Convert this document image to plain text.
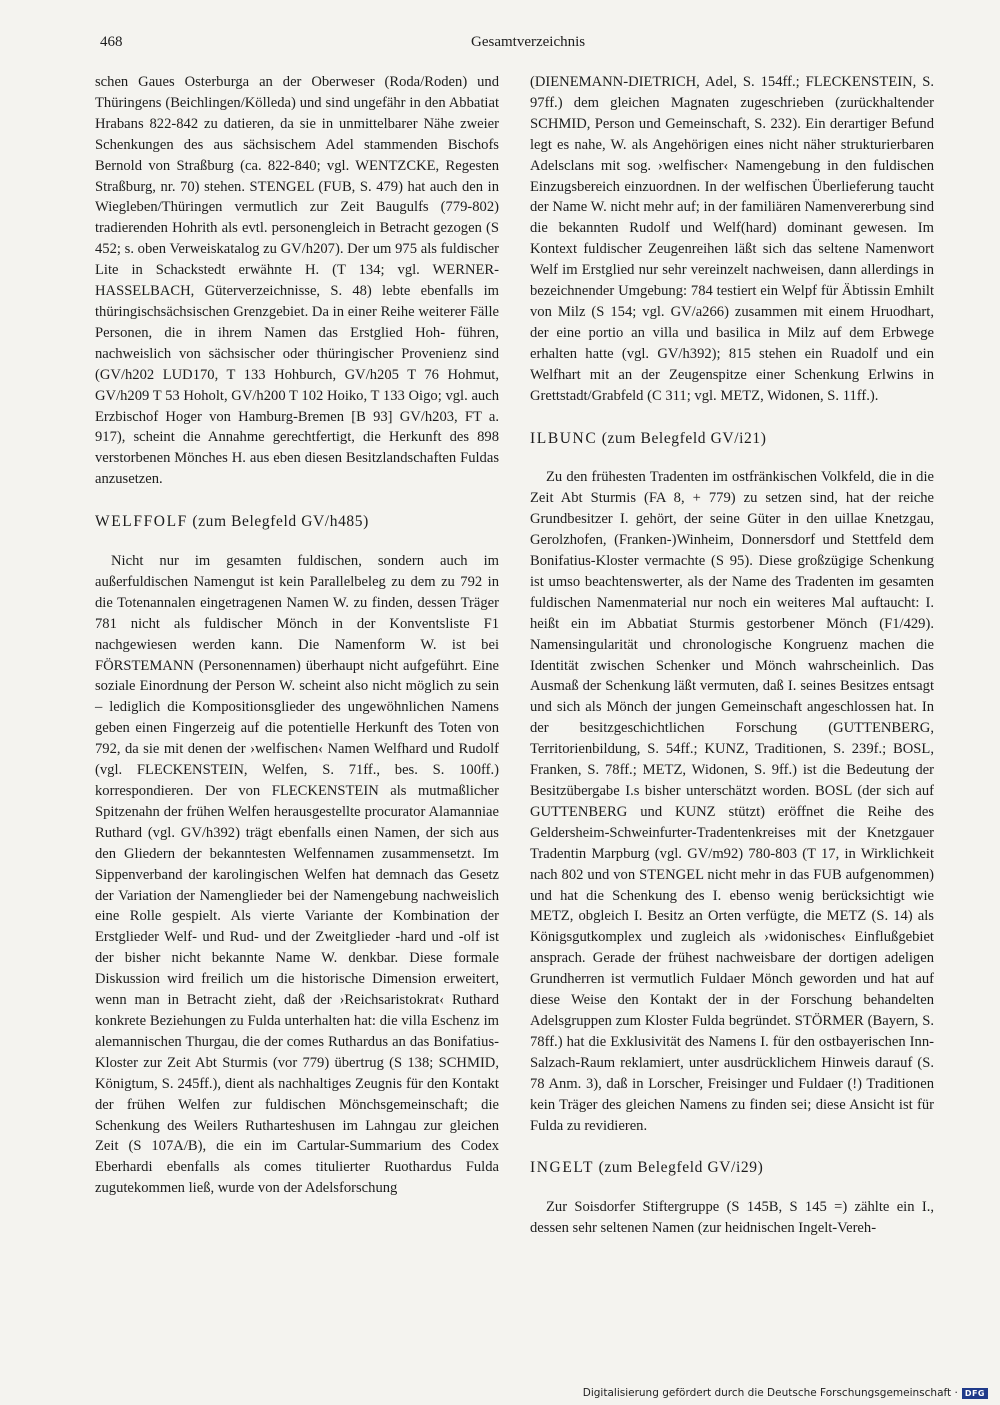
468	Gesamtverzeichnis

schen Gaues Osterburga an der Oberweser (Roda/Roden) und Thüringens (Beichlingen/Kölleda) und sind ungefähr in den Abbatiat Hrabans 822-842 zu datieren, da sie in unmittelbarer Nähe zweier Schenkungen des aus sächsischem Adel stammenden Bischofs Bernold von Straßburg (ca. 822-840; vgl. WENTZCKE, Regesten Straßburg, nr. 70) stehen. STENGEL (FUB, S. 479) hat auch den in Wiegleben/Thüringen vermutlich zur Zeit Baugulfs (779-802) tradierenden Hohrith als evtl. personengleich in Betracht gezogen (S 452; s. oben Verweiskatalog zu GV/h207). Der um 975 als fuldischer Lite in Schackstedt erwähnte H. (T 134; vgl. WERNER-HASSELBACH, Güterverzeichnisse, S. 48) lebte ebenfalls im thüringischsächsischen Grenzgebiet. Da in einer Reihe weiterer Fälle Personen, die in ihrem Namen das Erstglied Hoh- führen, nachweislich von sächsischer oder thüringischer Provenienz sind (GV/h202 LUD170, T 133 Hohburch, GV/h205 T 76 Hohmut, GV/h209 T 53 Hoholt, GV/h200 T 102 Hoiko, T 133 Oigo; vgl. auch Erzbischof Hoger von Hamburg-Bremen [B 93] GV/h203, FT a. 917), scheint die Annahme gerechtfertigt, die Herkunft des 898 verstorbenen Mönches H. aus eben diesen Besitzlandschaften Fuldas anzusetzen.

WELFFOLF (zum Belegfeld GV/h485)

Nicht nur im gesamten fuldischen, sondern auch im außerfuldischen Namengut ist kein Parallelbeleg zu dem zu 792 in die Totenannalen eingetragenen Namen W. zu finden, dessen Träger 781 nicht als fuldischer Mönch in der Konventsliste F1 nachgewiesen werden kann. Die Namenform W. ist bei FÖRSTEMANN (Personennamen) überhaupt nicht aufgeführt. Eine soziale Einordnung der Person W. scheint also nicht möglich zu sein – lediglich die Kompositionsglieder des ungewöhnlichen Namens geben einen Fingerzeig auf die potentielle Herkunft des Toten von 792, da sie mit denen der ›welfischen‹ Namen Welfhard und Rudolf (vgl. FLECKENSTEIN, Welfen, S. 71ff., bes. S. 100ff.) korrespondieren. Der von FLECKENSTEIN als mutmaßlicher Spitzenahn der frühen Welfen herausgestellte procurator Alamanniae Ruthard (vgl. GV/h392) trägt ebenfalls einen Namen, der sich aus den Gliedern der bekanntesten Welfennamen zusammensetzt. Im Sippenverband der karolingischen Welfen hat demnach das Gesetz der Variation der Namenglieder bei der Namengebung nachweislich eine Rolle gespielt. Als vierte Variante der Kombination der Erstglieder Welf- und Rud- und der Zweitglieder -hard und -olf ist der bisher nicht bekannte Name W. denkbar. Diese formale Diskussion wird freilich um die historische Dimension erweitert, wenn man in Betracht zieht, daß der ›Reichsaristokrat‹ Ruthard konkrete Beziehungen zu Fulda unterhalten hat: die villa Eschenz im alemannischen Thurgau, die der comes Ruthardus an das Bonifatius-Kloster zur Zeit Abt Sturmis (vor 779) übertrug (S 138; SCHMID, Königtum, S. 245ff.), dient als nachhaltiges Zeugnis für den Kontakt der frühen Welfen zur fuldischen Mönchsgemeinschaft; die Schenkung des Weilers Rutharteshusen im Lahngau zur gleichen Zeit (S 107A/B), die ein im Cartular-Summarium des Codex Eberhardi ebenfalls als comes titulierter Ruothardus Fulda zugutekommen ließ, wurde von der Adelsforschung

(DIENEMANN-DIETRICH, Adel, S. 154ff.; FLECKENSTEIN, S. 97ff.) dem gleichen Magnaten zugeschrieben (zurückhaltender SCHMID, Person und Gemeinschaft, S. 232). Ein derartiger Befund legt es nahe, W. als Angehörigen eines nicht näher strukturierbaren Adelsclans mit sog. ›welfischer‹ Namengebung in den fuldischen Einzugsbereich einzuordnen. In der welfischen Überlieferung taucht der Name W. nicht mehr auf; in der familiären Namenvererbung sind die bekannten Rudolf und Welf(hard) dominant gewesen. Im Kontext fuldischer Zeugenreihen läßt sich das seltene Namenwort Welf im Erstglied nur sehr vereinzelt nachweisen, dann allerdings in bezeichnender Umgebung: 784 testiert ein Welpf für Äbtissin Emhilt von Milz (S 154; vgl. GV/a266) zusammen mit einem Hruodhart, der eine portio an villa und basilica in Milz auf dem Erbwege erhalten hatte (vgl. GV/h392); 815 stehen ein Ruadolf und ein Welfhart mit an der Zeugenspitze einer Schenkung Erlwins in Grettstadt/Grabfeld (C 311; vgl. METZ, Widonen, S. 11ff.).

ILBUNC (zum Belegfeld GV/i21)

Zu den frühesten Tradenten im ostfränkischen Volkfeld, die in die Zeit Abt Sturmis (FA 8, + 779) zu setzen sind, hat der reiche Grundbesitzer I. gehört, der seine Güter in den uillae Knetzgau, Gerolzhofen, (Franken-)Winheim, Donnersdorf und Stettfeld dem Bonifatius-Kloster vermachte (S 95). Diese großzügige Schenkung ist umso beachtenswerter, als der Name des Tradenten im gesamten fuldischen Namenmaterial nur noch ein weiteres Mal auftaucht: I. heißt ein im Abbatiat Sturmis gestorbener Mönch (F1/429). Namensingularität und chronologische Kongruenz machen die Identität zwischen Schenker und Mönch wahrscheinlich. Das Ausmaß der Schenkung läßt vermuten, daß I. seines Besitzes entsagt und sich als Mönch der jungen Gemeinschaft angeschlossen hat. In der besitzgeschichtlichen Forschung (GUTTENBERG, Territorienbildung, S. 54ff.; KUNZ, Traditionen, S. 239f.; BOSL, Franken, S. 78ff.; METZ, Widonen, S. 9ff.) ist die Bedeutung der Besitzübergabe I.s bisher unterschätzt worden. BOSL (der sich auf GUTTENBERG und KUNZ stützt) eröffnet die Reihe des Geldersheim-Schweinfurter-Tradentenkreises mit der Knetzgauer Tradentin Marpburg (vgl. GV/m92) 780-803 (T 17, in Wirklichkeit nach 802 und von STENGEL nicht mehr in das FUB aufgenommen) und hat die Schenkung des I. ebenso wenig berücksichtigt wie METZ, obgleich I. Besitz an Orten verfügte, die METZ (S. 14) als Königsgutkomplex und zugleich als ›widonisches‹ Einflußgebiet ansprach. Gerade der frühest nachweisbare der dortigen adeligen Grundherren ist vermutlich Fuldaer Mönch geworden und hat auf diese Weise den Kontakt der in der Forschung behandelten Adelsgruppen zum Kloster Fulda begründet. STÖRMER (Bayern, S. 78ff.) hat die Exklusivität des Namens I. für den ostbayerischen Inn-Salzach-Raum reklamiert, unter ausdrücklichem Hinweis darauf (S. 78 Anm. 3), daß in Lorscher, Freisinger und Fuldaer (!) Traditionen kein Träger des gleichen Namens zu finden sei; diese Ansicht ist für Fulda zu revidieren.

INGELT (zum Belegfeld GV/i29)

Zur Soisdorfer Stiftergruppe (S 145B, S 145 =) zählte ein I., dessen sehr seltenen Namen (zur heidnischen Ingelt-Vereh-

Digitalisierung gefördert durch die Deutsche Forschungsgemeinschaft · DFG
